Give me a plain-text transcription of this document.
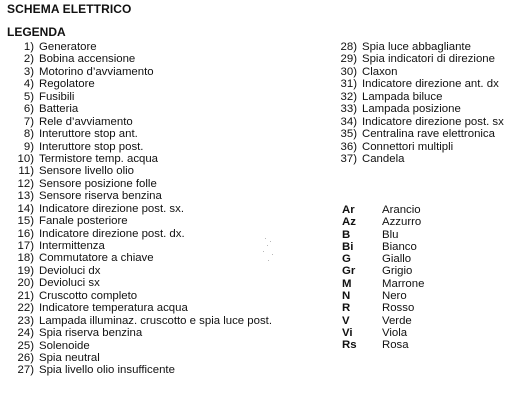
SCHEMA ELETTRICO
LEGENDA
1) Generatore
2) Bobina accensione
3) Motorino d’avviamento
4) Regolatore
5) Fusibili
6) Batteria
7) Rele d’avviamento
8) Interuttore stop ant.
9) Interuttore stop post.
10) Termistore temp. acqua
11) Sensore livello olio
12) Sensore posizione folle
13) Sensore riserva benzina
14) Indicatore direzione post. sx.
15) Fanale posteriore
16) Indicatore direzione post. dx.
17) Intermittenza
18) Commutatore a chiave
19) Devioluci dx
20) Devioluci sx
21) Cruscotto completo
22) Indicatore temperatura acqua
23) Lampada illuminaz. cruscotto e spia luce post.
24) Spia riserva benzina
25) Solenoide
26) Spia neutral
27) Spia livello olio insufficente
28) Spia luce abbagliante
29) Spia indicatori di direzione
30) Claxon
31) Indicatore direzione ant. dx
32) Lampada biluce
33) Lampada posizione
34) Indicatore direzione post. sx
35) Centralina rave elettronica
36) Connettori multipli
37) Candela
Ar	Arancio
Az	Azzurro
B	Blu
Bi	Bianco
G	Giallo
Gr	Grigio
M	Marrone
N	Nero
R	Rosso
V	Verde
Vi	Viola
Rs	Rosa
